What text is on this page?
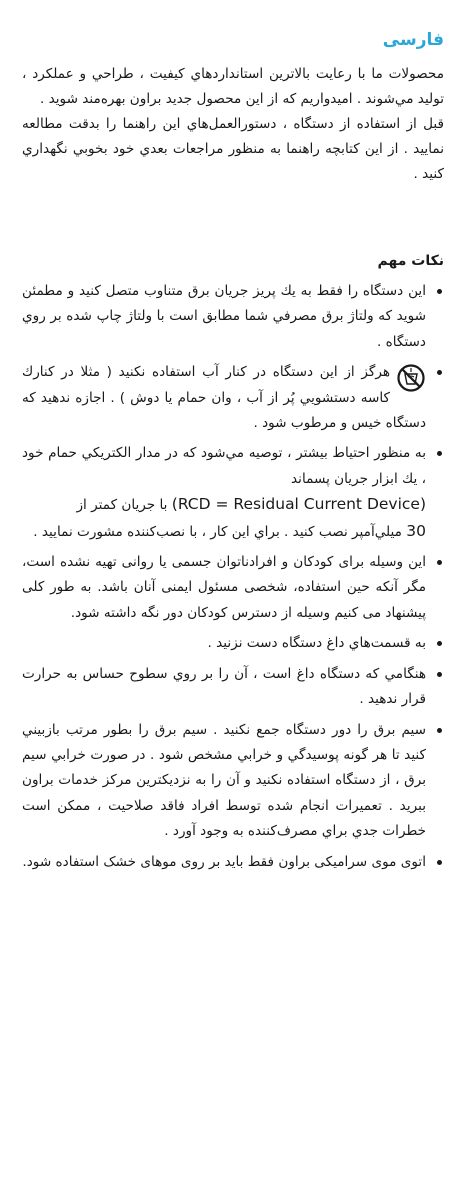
فارسی

محصولات ما با رعايت بالاترين استانداردهاي كيفيت ، طراحي و عملكرد ، توليد مي‌شوند . اميدواريم كه از اين محصول جديد براون بهره‌مند شويد .

قبل از استفاده از دستگاه ، دستورالعمل‌هاي اين راهنما را بدقت مطالعه نماييد . از اين كتابچه راهنما به منظور مراجعات بعدي خود بخوبي نگهداري كنيد .

نكات مهم
اين دستگاه را فقط به يك پريز جريان برق متناوب متصل كنيد و مطمئن شويد كه ولتاژ برق مصرفي شما مطابق است با ولتاژ چاپ شده بر روي دستگاه .
هرگز از اين دستگاه در كنار آب استفاده نكنيد ( مثلا در كنارك كاسه دستشويي پُر از آب ، وان حمام يا دوش ) . اجازه ندهيد كه دستگاه خيس و مرطوب شود .
به منظور احتياط بيشتر ، توصيه مي‌شود كه در مدار الكتريكي حمام خود ، يك ابزار جريان پسماند
(RCD = Residual Current Device) با جريان كمتر از
30 ميلي‌آمپر نصب كنيد . براي اين كار ، با نصب‌كننده مشورت نماييد .
این وسیله برای کودکان و افرادناتوان جسمی یا روانی تهیه نشده است، مگر آنکه حین استفاده، شخصی مسئول ایمنی آنان باشد. به طور کلی پیشنهاد می کنیم وسیله از دسترس کودکان دور نگه داشته شود.
به قسمت‌هاي داغ دستگاه دست نزنيد .
هنگامي كه دستگاه داغ است ، آن را بر روي سطوح حساس به حرارت قرار ندهيد .
سيم برق را دور دستگاه جمع نكنيد . سيم برق را بطور مرتب بازبيني كنيد تا هر گونه پوسيدگي و خرابي مشخص شود . در صورت خرابي سيم برق ، از دستگاه استفاده نكنيد و آن را به نزديكترين مركز خدمات براون ببريد . تعميرات انجام شده توسط افراد فاقد صلاحيت ، ممكن است خطرات جدي براي مصرف‌كننده به وجود آورد .
اتوی موی سرامیکی براون فقط باید بر روی موهای خشک استفاده شود.
